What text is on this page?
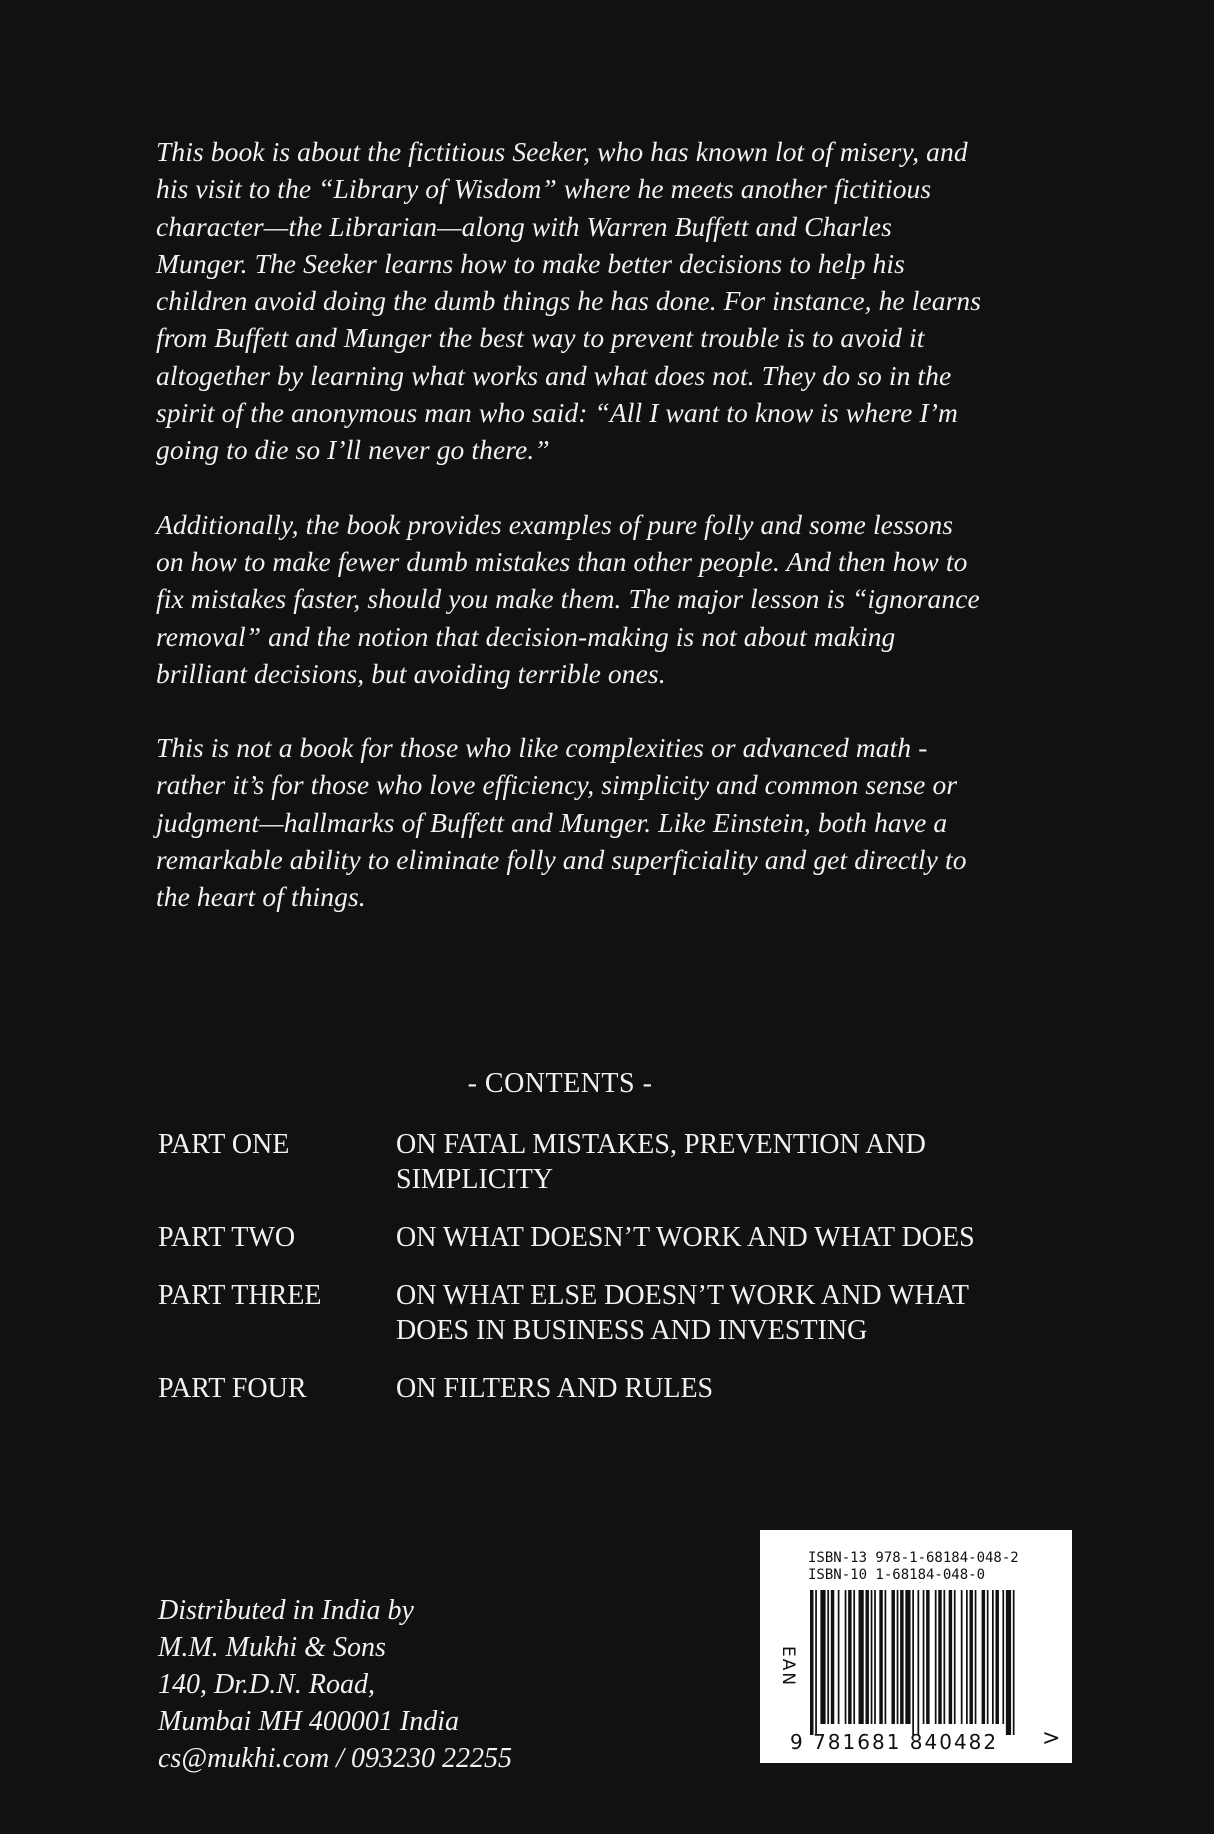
This book is about the fictitious Seeker, who has known lot of misery, and his visit to the “Library of Wisdom” where he meets another fictitious character—the Librarian—along with Warren Buffett and Charles Munger. The Seeker learns how to make better decisions to help his children avoid doing the dumb things he has done. For instance, he learns from Buffett and Munger the best way to prevent trouble is to avoid it altogether by learning what works and what does not. They do so in the spirit of the anonymous man who said: “All I want to know is where I’m going to die so I’ll never go there.”

Additionally, the book provides examples of pure folly and some lessons on how to make fewer dumb mistakes than other people. And then how to fix mistakes faster, should you make them. The major lesson is “ignorance removal” and the notion that decision-making is not about making brilliant decisions, but avoiding terrible ones.

This is not a book for those who like complexities or advanced math - rather it’s for those who love efficiency, simplicity and common sense or judgment—hallmarks of Buffett and Munger. Like Einstein, both have a remarkable ability to eliminate folly and superficiality and get directly to the heart of things.

- CONTENTS -
PART ONE	ON FATAL MISTAKES, PREVENTION AND SIMPLICITY
PART TWO	ON WHAT DOESN’T WORK AND WHAT DOES
PART THREE	ON WHAT ELSE DOESN’T WORK AND WHAT DOES IN BUSINESS AND INVESTING
PART FOUR	ON FILTERS AND RULES
Distributed in India by
M.M. Mukhi & Sons
140, Dr.D.N. Road,
Mumbai MH 400001 India
cs@mukhi.com / 093230 22255
ISBN-13 978-1-68184-048-2
ISBN-10 1-68184-048-0
EAN
9 781681 840482	>
